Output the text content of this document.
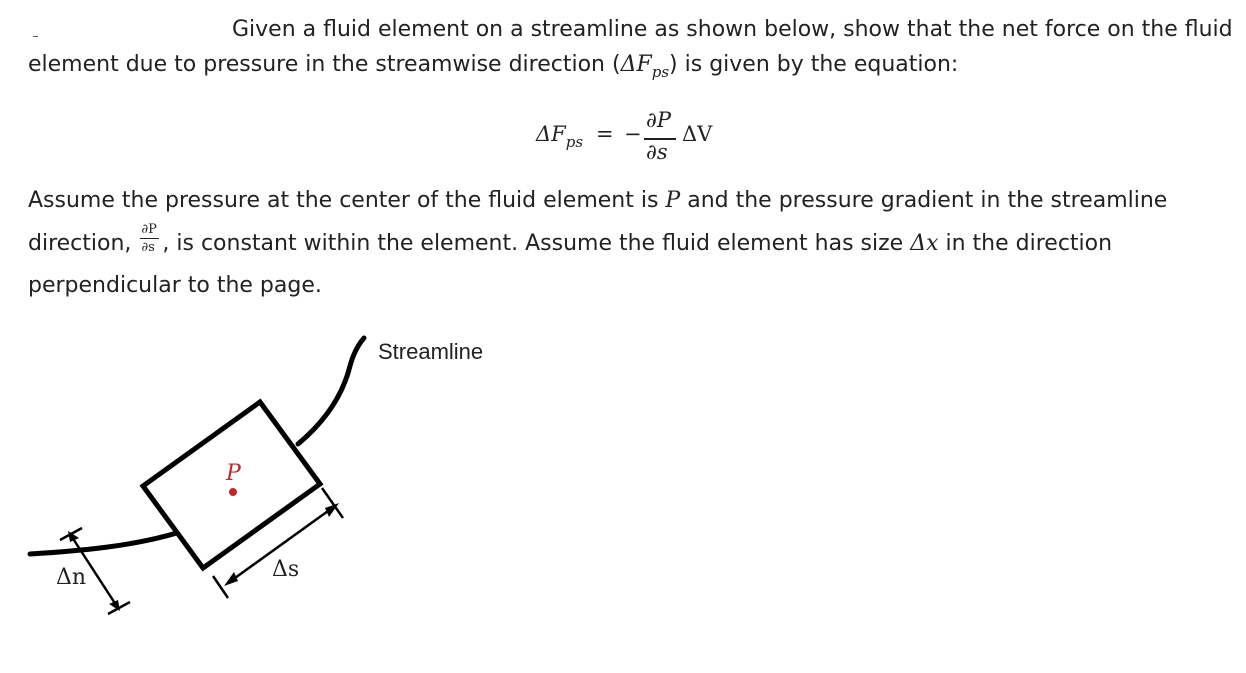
Given a fluid element on a streamline as shown below, show that the net force on the fluid
element due to pressure in the streamwise direction $(\Delta F_{ps})$ is given by the equation:
$\Delta F_{ps}$ = −
∂P
∂s
ΔV
Assume the pressure at the center of the fluid element is P and the pressure gradient in the streamline
direction, $\frac{\partial P}{\partial s}$ , is constant within the element. Assume the fluid element has size Δx in the direction
perpendicular to the page.
Streamline
P
Δs
Δn
